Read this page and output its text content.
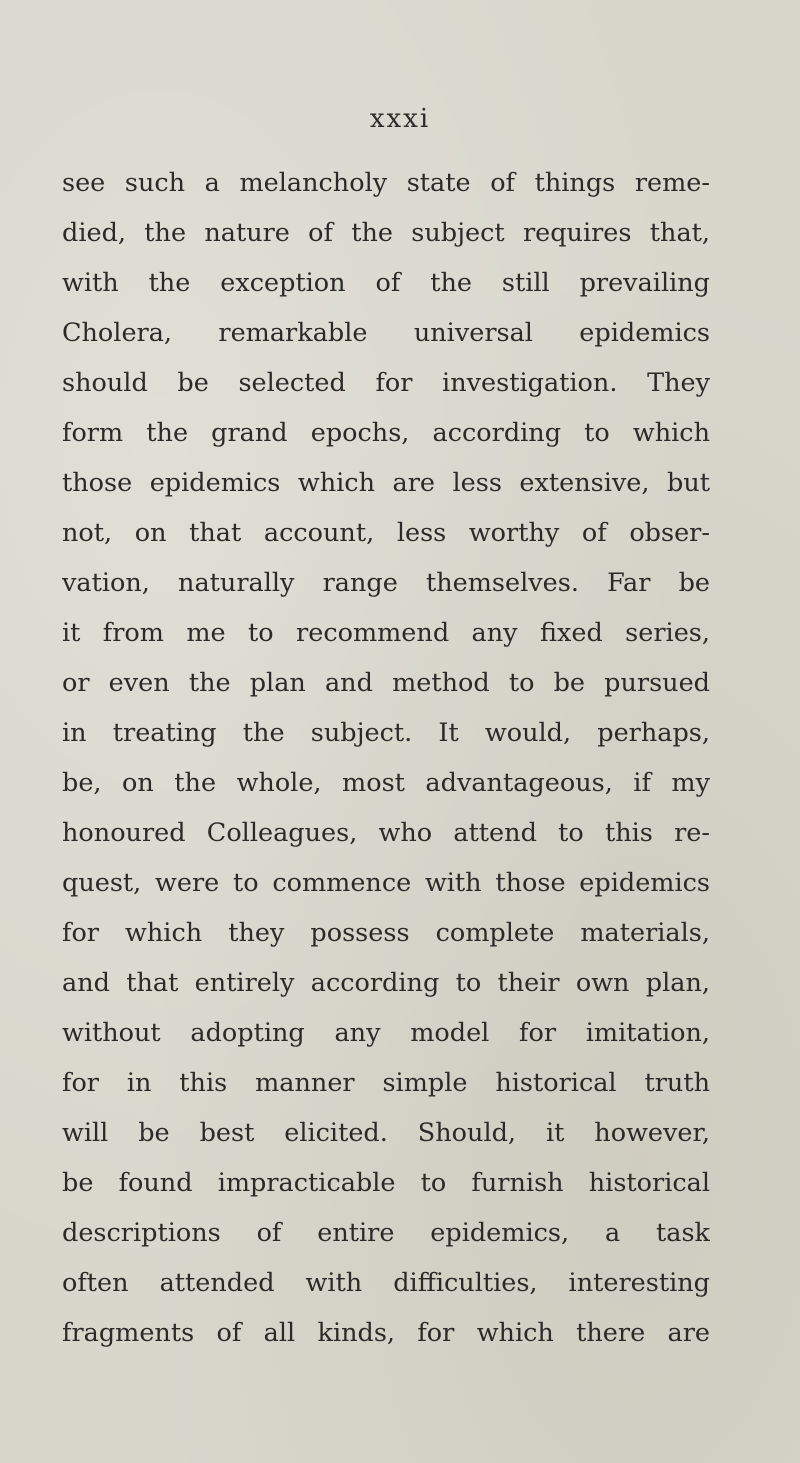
xxxi
see such a melancholy state of things reme-
died, the nature of the subject requires that,
with the exception of the still prevailing
Cholera, remarkable universal epidemics
should be selected for investigation. They
form the grand epochs, according to which
those epidemics which are less extensive, but
not, on that account, less worthy of obser-
vation, naturally range themselves. Far be
it from me to recommend any fixed series,
or even the plan and method to be pursued
in treating the subject. It would, perhaps,
be, on the whole, most advantageous, if my
honoured Colleagues, who attend to this re-
quest, were to commence with those epidemics
for which they possess complete materials,
and that entirely according to their own plan,
without adopting any model for imitation,
for in this manner simple historical truth
will be best elicited. Should, it however,
be found impracticable to furnish historical
descriptions of entire epidemics, a task
often attended with difficulties, interesting
fragments of all kinds, for which there are
